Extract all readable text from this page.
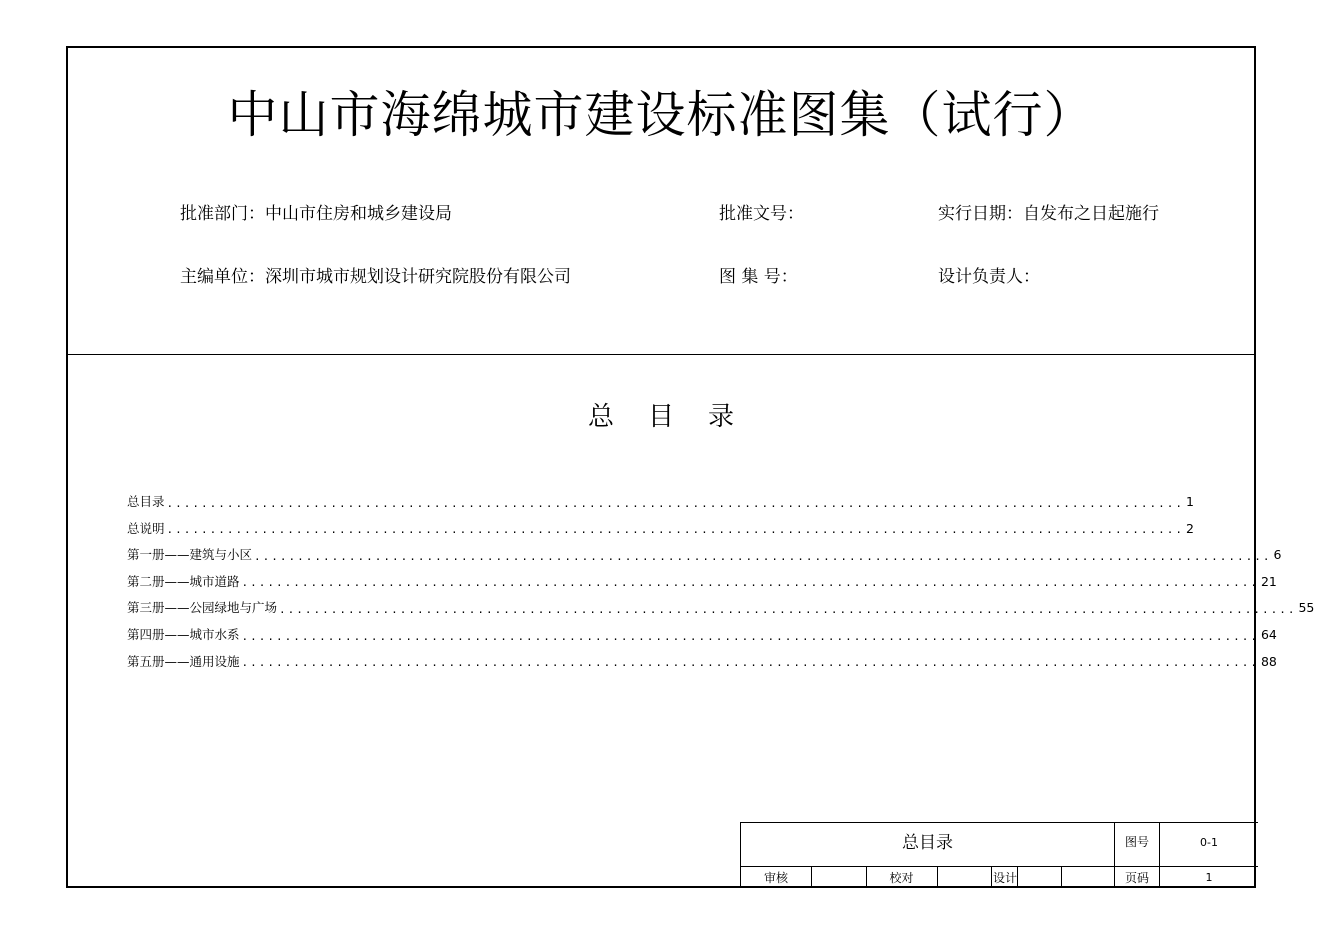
中山市海绵城市建设标准图集（试行）
批准部门：中山市住房和城乡建设局	批准文号：	实行日期：自发布之日起施行
主编单位：深圳市城市规划设计研究院股份有限公司	图 集 号：	设计负责人：
总目录
总目录 ...................................................................................................................... 1
总说明 ...................................................................................................................... 2
第一册——建筑与小区 ...................................................................................................................... 6
第二册——城市道路 ...................................................................................................................... 21
第三册——公园绿地与广场 ...................................................................................................................... 55
第四册——城市水系 ...................................................................................................................... 64
第五册——通用设施 ...................................................................................................................... 88
总目录	图号	0-1
审核	校对	设计	页码	1
